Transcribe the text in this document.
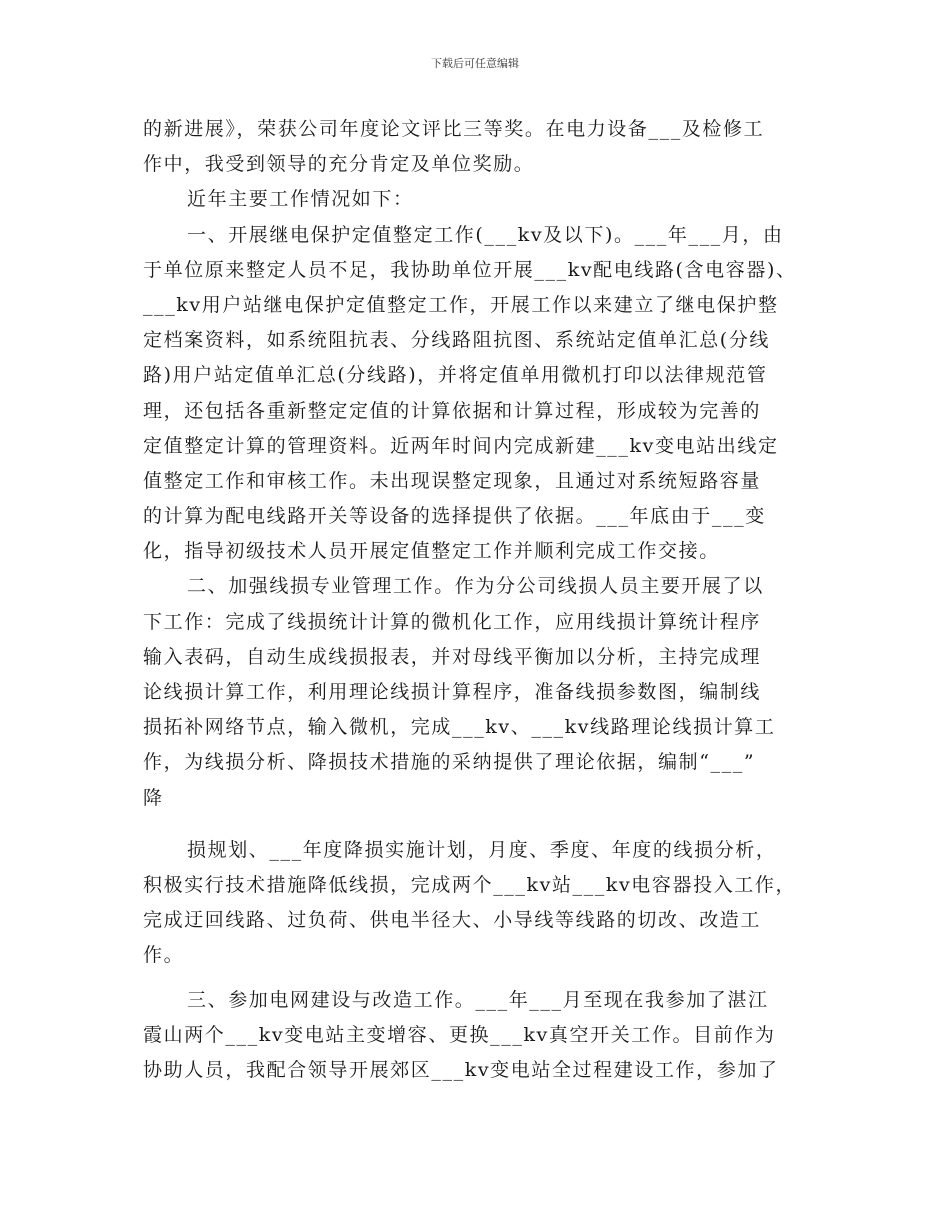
下载后可任意编辑
的新进展》，荣获公司年度论文评比三等奖。在电力设备___及检修工
作中，我受到领导的充分肯定及单位奖励。
近年主要工作情况如下：
一、开展继电保护定值整定工作(___kv及以下)。___年___月，由
于单位原来整定人员不足，我协助单位开展___kv配电线路(含电容器)、
___kv用户站继电保护定值整定工作，开展工作以来建立了继电保护整
定档案资料，如系统阻抗表、分线路阻抗图、系统站定值单汇总(分线
路)用户站定值单汇总(分线路)，并将定值单用微机打印以法律规范管
理，还包括各重新整定定值的计算依据和计算过程，形成较为完善的
定值整定计算的管理资料。近两年时间内完成新建___kv变电站出线定
值整定工作和审核工作。未出现误整定现象，且通过对系统短路容量
的计算为配电线路开关等设备的选择提供了依据。___年底由于___变
化，指导初级技术人员开展定值整定工作并顺利完成工作交接。
二、加强线损专业管理工作。作为分公司线损人员主要开展了以
下工作：完成了线损统计计算的微机化工作，应用线损计算统计程序
输入表码，自动生成线损报表，并对母线平衡加以分析，主持完成理
论线损计算工作，利用理论线损计算程序，准备线损参数图，编制线
损拓补网络节点，输入微机，完成___kv、___kv线路理论线损计算工
作，为线损分析、降损技术措施的采纳提供了理论依据，编制“___”
降
损规划、___年度降损实施计划，月度、季度、年度的线损分析，
积极实行技术措施降低线损，完成两个___kv站___kv电容器投入工作，
完成迂回线路、过负荷、供电半径大、小导线等线路的切改、改造工
作。
三、参加电网建设与改造工作。___年___月至现在我参加了湛江
霞山两个___kv变电站主变增容、更换___kv真空开关工作。目前作为
协助人员，我配合领导开展郊区___kv变电站全过程建设工作，参加了
